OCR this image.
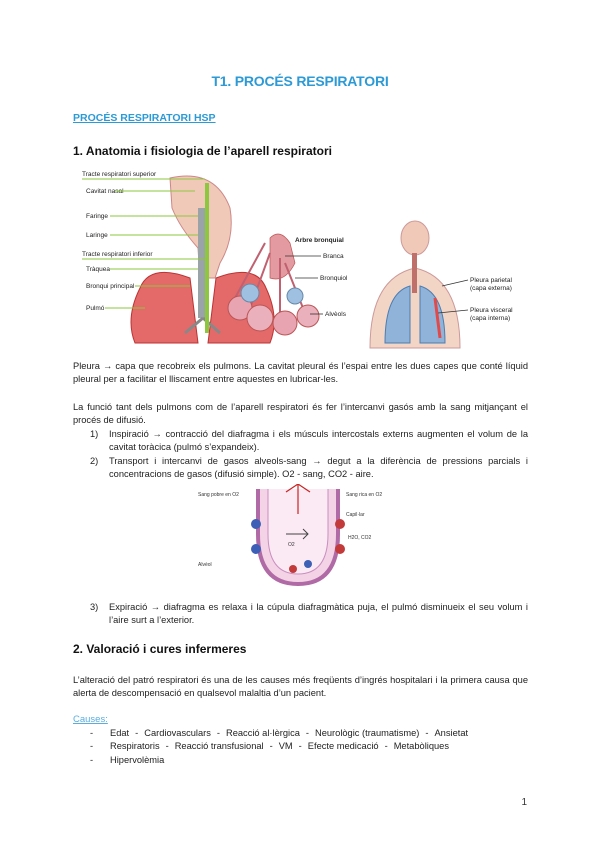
T1. PROCÉS RESPIRATORI
PROCÉS RESPIRATORI HSP
1. Anatomia i fisiologia de l’aparell respiratori
Tracte respiratori superior
Cavitat nasal
Faringe
Laringe
Tracte respiratori inferior
Tràquea
Bronqui principal
Pulmó
Arbre bronquial
Branca
Bronquiol
Alvèols
Pleura parietal
(capa externa)
Pleura visceral
(capa interna)
Pleura → capa que recobreix els pulmons. La cavitat pleural és l’espai entre les dues capes que conté líquid pleural per a facilitar el lliscament entre aquestes en lubricar-les.
La funció tant dels pulmons com de l’aparell respiratori és fer l’intercanvi gasós amb la sang mitjançant el procés de difusió.
1) Inspiració → contracció del diafragma i els músculs intercostals externs augmenten el volum de la cavitat toràcica (pulmó s’expandeix).
2) Transport i intercanvi de gasos alveols-sang → degut a la diferència de pressions parcials i concentracions de gasos (difusió simple). O2 - sang, CO2 - aire.
Sang pobre en O2	Sang rica en O2
H2O, CO2
O2
Capil·lar
Alvèol
3) Expiració → diafragma es relaxa i la cúpula diafragmàtica puja, el pulmó disminueix el seu volum i l’aire surt a l’exterior.
2. Valoració i cures infermeres
L’alteració del patró respiratori és una de les causes més freqüents d’ingrés hospitalari i la primera causa que alerta de descompensació en qualsevol malaltia d’un pacient.
Causes:
-	Edat - Cardiovasculars - Reacció al·lèrgica - Neurològic (traumatisme) - Ansietat
-	Respiratoris - Reacció transfusional - VM - Efecte medicació - Metabòliques
-	Hipervolèmia
1
